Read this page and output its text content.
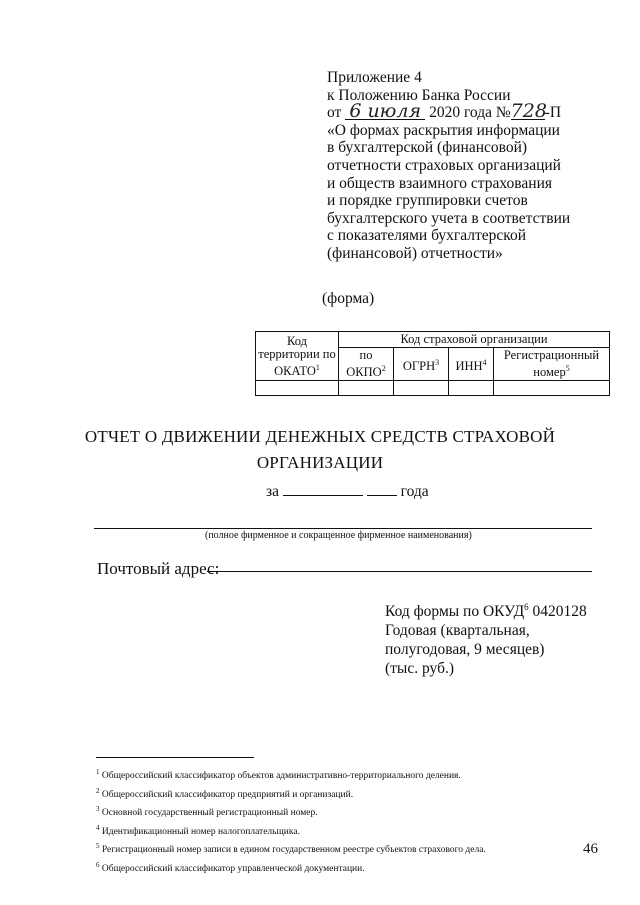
Приложение 4
к Положению Банка России
от 6 июля 2020 года №728-П
«О формах раскрытия информации
в бухгалтерской (финансовой)
отчетности страховых организаций
и обществ взаимного страхования
и порядке группировки счетов
бухгалтерского учета в соответствии
с показателями бухгалтерской
(финансовой) отчетности»
(форма)
Код территории по ОКАТО$^1$	Код страховой организации			
	по ОКПО$^2$	ОГРН$^3$	ИНН$^4$	Регистрационный номер$^5$

ОТЧЕТ О ДВИЖЕНИИ ДЕНЕЖНЫХ СРЕДСТВ СТРАХОВОЙ
ОРГАНИЗАЦИИ
за	года
(полное фирменное и сокращенное фирменное наименования)
Почтовый адрес:
Код формы по ОКУД$^6$ 0420128
Годовая (квартальная,
полугодовая, 9 месяцев)
(тыс. руб.)
$^1$ Общероссийский классификатор объектов административно-территориального деления.
$^2$ Общероссийский классификатор предприятий и организаций.
$^3$ Основной государственный регистрационный номер.
$^4$ Идентификационный номер налогоплательщика.
$^5$ Регистрационный номер записи в едином государственном реестре субъектов страхового дела.
$^6$ Общероссийский классификатор управленческой документации.
46
